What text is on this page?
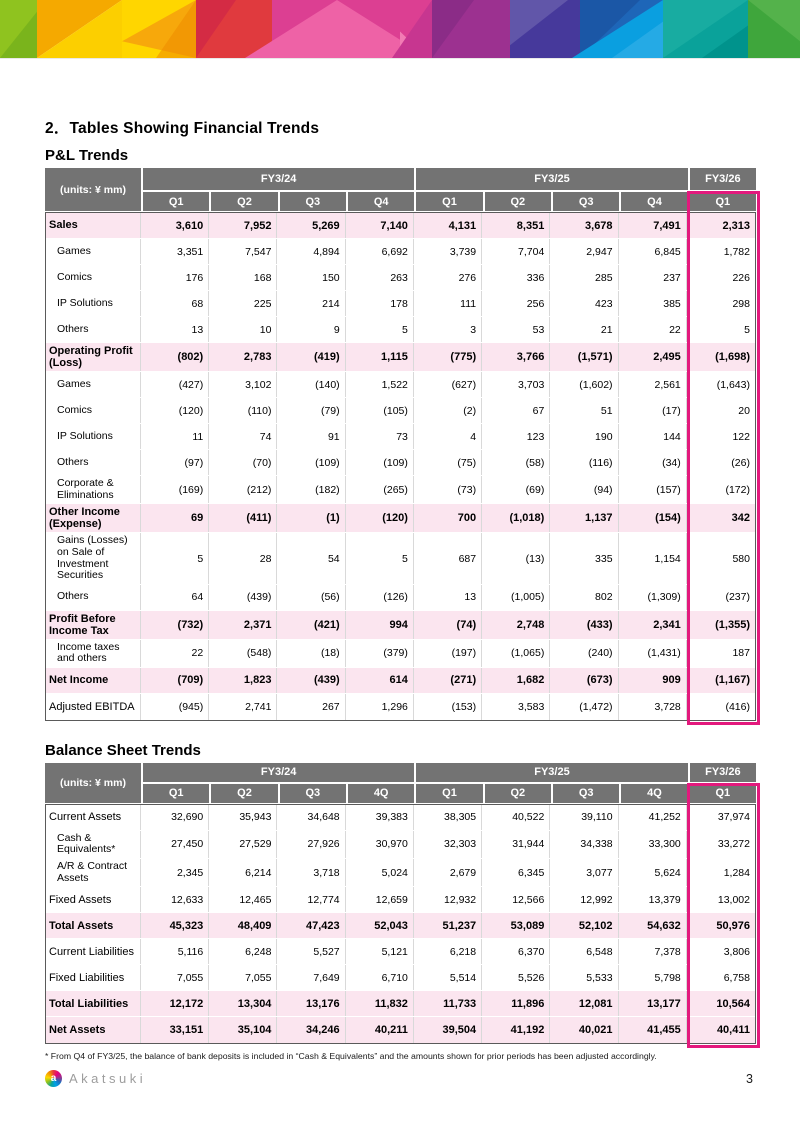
2．Tables Showing Financial Trends
P&L Trends
(units: ¥ mm)
FY3/24	FY3/25	FY3/26
Q1	Q2	Q3	Q4	Q1	Q2	Q3	Q4	Q1
Sales	3,610	7,952	5,269	7,140	4,131	8,351	3,678	7,491	2,313
Games	3,351	7,547	4,894	6,692	3,739	7,704	2,947	6,845	1,782
Comics	176	168	150	263	276	336	285	237	226
IP Solutions	68	225	214	178	111	256	423	385	298
Others	13	10	9	5	3	53	21	22	5
Operating Profit (Loss)	(802)	2,783	(419)	1,115	(775)	3,766	(1,571)	2,495	(1,698)
Games	(427)	3,102	(140)	1,522	(627)	3,703	(1,602)	2,561	(1,643)
Comics	(120)	(110)	(79)	(105)	(2)	67	51	(17)	20
IP Solutions	11	74	91	73	4	123	190	144	122
Others	(97)	(70)	(109)	(109)	(75)	(58)	(116)	(34)	(26)
Corporate & Eliminations	(169)	(212)	(182)	(265)	(73)	(69)	(94)	(157)	(172)
Other Income (Expense)	69	(411)	(1)	(120)	700	(1,018)	1,137	(154)	342
Gains (Losses) on Sale of Investment Securities
5	28	54	5	687	(13)	335	1,154	580
Others	64	(439)	(56)	(126)	13	(1,005)	802	(1,309)	(237)
Profit Before Income Tax	(732)	2,371	(421)	994	(74)	2,748	(433)	2,341	(1,355)
Income taxes and others	22	(548)	(18)	(379)	(197)	(1,065)	(240)	(1,431)	187
Net Income	(709)	1,823	(439)	614	(271)	1,682	(673)	909	(1,167)
Adjusted EBITDA	(945)	2,741	267	1,296	(153)	3,583	(1,472)	3,728	(416)
Balance Sheet Trends
(units: ¥ mm)
FY3/24	FY3/25	FY3/26
Q1	Q2	Q3	4Q	Q1	Q2	Q3	4Q	Q1
Current Assets	32,690	35,943	34,648	39,383	38,305	40,522	39,110	41,252	37,974
Cash & Equivalents*	27,450	27,529	27,926	30,970	32,303	31,944	34,338	33,300	33,272
A/R & Contract Assets	2,345	6,214	3,718	5,024	2,679	6,345	3,077	5,624	1,284
Fixed Assets	12,633	12,465	12,774	12,659	12,932	12,566	12,992	13,379	13,002
Total Assets	45,323	48,409	47,423	52,043	51,237	53,089	52,102	54,632	50,976
Current Liabilities	5,116	6,248	5,527	5,121	6,218	6,370	6,548	7,378	3,806
Fixed Liabilities	7,055	7,055	7,649	6,710	5,514	5,526	5,533	5,798	6,758
Total Liabilities	12,172	13,304	13,176	11,832	11,733	11,896	12,081	13,177	10,564
Net Assets	33,151	35,104	34,246	40,211	39,504	41,192	40,021	41,455	40,411
* From Q4 of FY3/25, the balance of bank deposits is included in “Cash & Equivalents” and the amounts shown for prior periods has been adjusted accordingly.
a Akatsuki	3
